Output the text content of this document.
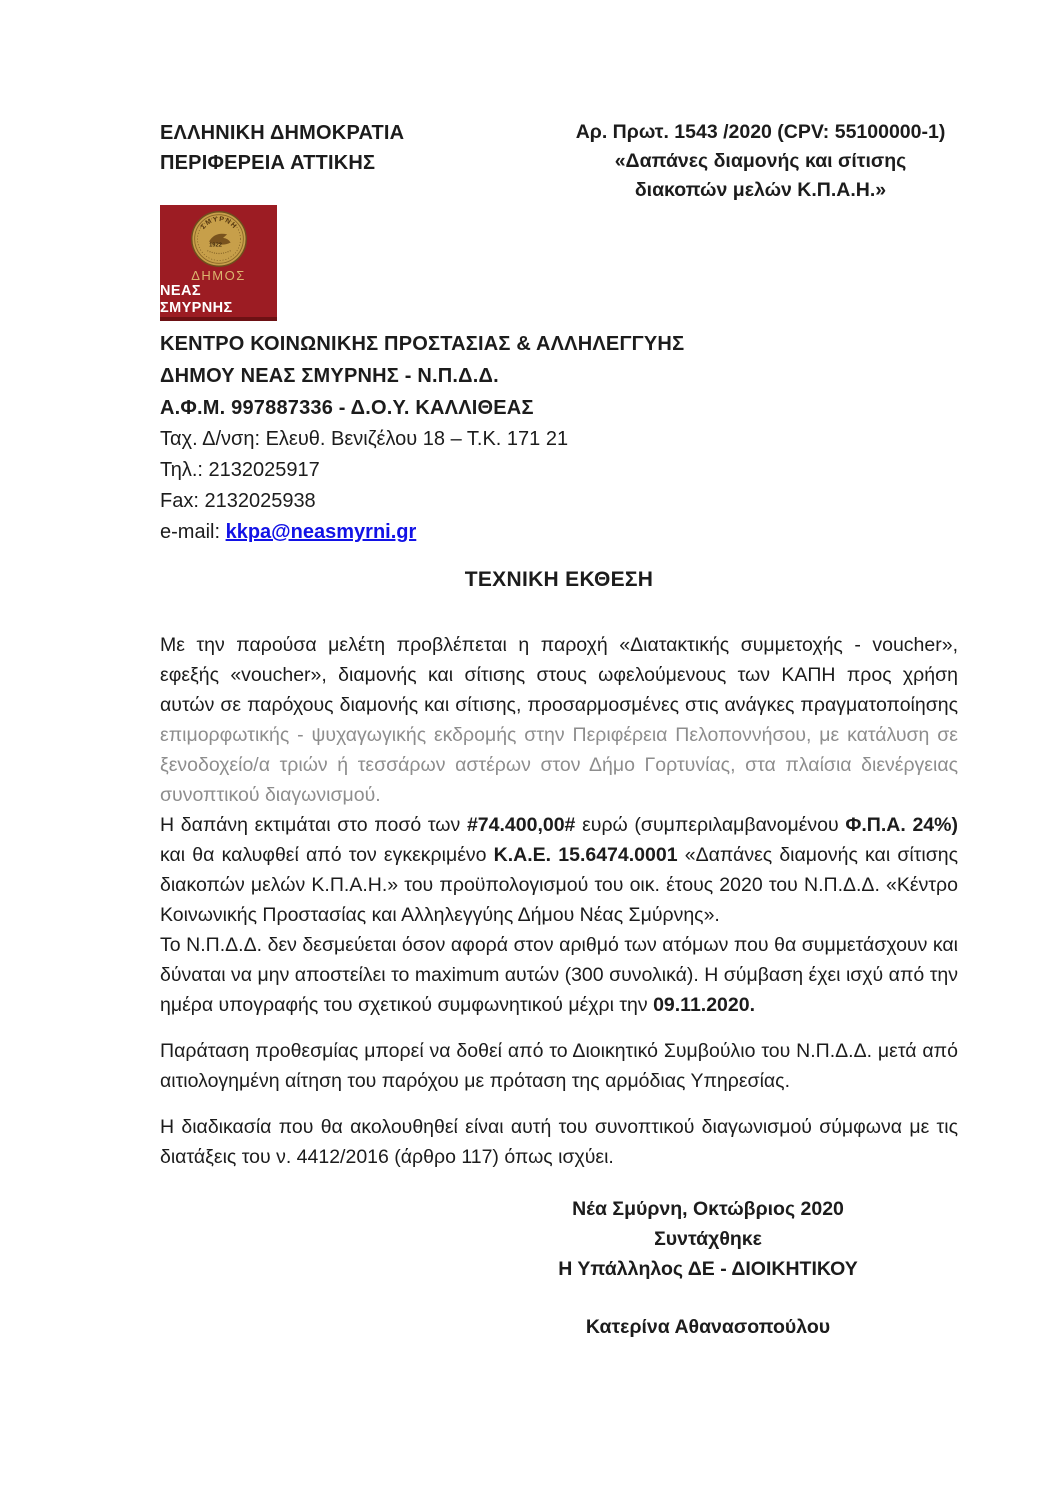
ΕΛΛΗΝΙΚΗ ΔΗΜΟΚΡΑΤΙΑ
ΠΕΡΙΦΕΡΕΙΑ ΑΤΤΙΚΗΣ
Αρ. Πρωτ. 1543 /2020 (CPV: 55100000-1)
«Δαπάνες διαμονής και σίτισης
διακοπών μελών Κ.Π.Α.Η.»
ΣΜΥΡΝΗ
1922
ΔΗΜΟΣ
ΝΕΑΣ ΣΜΥΡΝΗΣ
ΚΕΝΤΡΟ ΚΟΙΝΩΝΙΚΗΣ ΠΡΟΣΤΑΣΙΑΣ & ΑΛΛΗΛΕΓΓΥΗΣ
ΔΗΜΟΥ ΝΕΑΣ ΣΜΥΡΝΗΣ - Ν.Π.Δ.Δ.
Α.Φ.Μ. 997887336 - Δ.Ο.Υ. ΚΑΛΛΙΘΕΑΣ
Ταχ. Δ/νση: Ελευθ. Βενιζέλου 18 – Τ.Κ. 171 21
Τηλ.: 2132025917
Fax: 2132025938
e-mail: kkpa@neasmyrni.gr
ΤΕΧΝΙΚΗ ΕΚΘΕΣΗ

Με την παρούσα μελέτη προβλέπεται η παροχή «Διατακτικής συμμετοχής - voucher», εφεξής «voucher», διαμονής και σίτισης στους ωφελούμενους των ΚΑΠΗ προς χρήση αυτών σε παρόχους διαμονής και σίτισης, προσαρμοσμένες στις ανάγκες πραγματοποίησης επιμορφωτικής - ψυχαγωγικής εκδρομής στην Περιφέρεια Πελοποννήσου, με κατάλυση σε ξενοδοχείο/α τριών ή τεσσάρων αστέρων στον Δήμο Γορτυνίας, στα πλαίσια διενέργειας συνοπτικού διαγωνισμού.

Η δαπάνη εκτιμάται στο ποσό των #74.400,00# ευρώ (συμπεριλαμβανομένου Φ.Π.Α. 24%) και θα καλυφθεί από τον εγκεκριμένο Κ.Α.Ε. 15.6474.0001 «Δαπάνες διαμονής και σίτισης διακοπών μελών Κ.Π.Α.Η.» του προϋπολογισμού του οικ. έτους 2020 του Ν.Π.Δ.Δ. «Κέντρο Κοινωνικής Προστασίας και Αλληλεγγύης Δήμου Νέας Σμύρνης».

Το Ν.Π.Δ.Δ. δεν δεσμεύεται όσον αφορά στον αριθμό των ατόμων που θα συμμετάσχουν και δύναται να μην αποστείλει το maximum αυτών (300 συνολικά). Η σύμβαση έχει ισχύ από την ημέρα υπογραφής του σχετικού συμφωνητικού μέχρι την 09.11.2020.

Παράταση προθεσμίας μπορεί να δοθεί από το Διοικητικό Συμβούλιο του Ν.Π.Δ.Δ. μετά από αιτιολογημένη αίτηση του παρόχου με πρόταση της αρμόδιας Υπηρεσίας.

Η διαδικασία που θα ακολουθηθεί είναι αυτή του συνοπτικού διαγωνισμού σύμφωνα με τις διατάξεις του ν. 4412/2016 (άρθρο 117) όπως ισχύει.

Νέα Σμύρνη, Οκτώβριος 2020
Συντάχθηκε
Η Υπάλληλος ΔΕ - ΔΙΟΙΚΗΤΙΚΟΥ
Κατερίνα Αθανασοπούλου
